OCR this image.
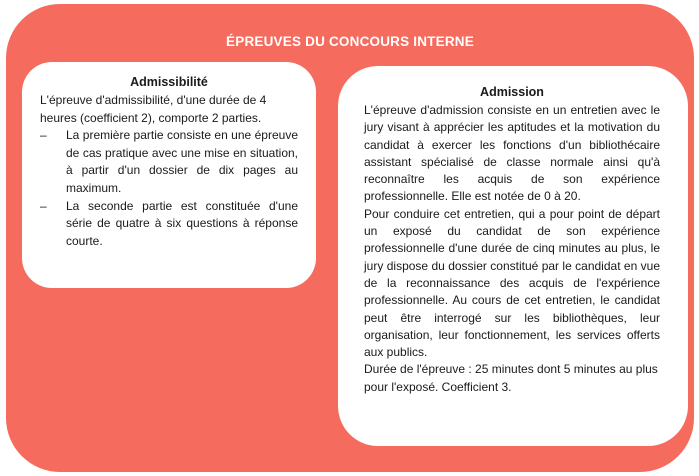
ÉPREUVES DU CONCOURS INTERNE

Admissibilité

L'épreuve d'admissibilité, d'une durée de 4 heures (coefficient 2), comporte 2 parties.

– La première partie consiste en une épreuve de cas pratique avec une mise en situation, à partir d'un dossier de dix pages au maximum.
– La seconde partie est constituée d'une série de quatre à six questions à réponse courte.

Admission

L'épreuve d'admission consiste en un entretien avec le jury visant à apprécier les aptitudes et la motivation du candidat à exercer les fonctions d'un bibliothécaire assistant spécialisé de classe normale ainsi qu'à reconnaître les acquis de son expérience professionnelle. Elle est notée de 0 à 20.

Pour conduire cet entretien, qui a pour point de départ un exposé du candidat de son expérience professionnelle d'une durée de cinq minutes au plus, le jury dispose du dossier constitué par le candidat en vue de la reconnaissance des acquis de l'expérience professionnelle. Au cours de cet entretien, le candidat peut être interrogé sur les bibliothèques, leur organisation, leur fonctionnement, les services offerts aux publics.

Durée de l'épreuve : 25 minutes dont 5 minutes au plus pour l'exposé. Coefficient 3.
